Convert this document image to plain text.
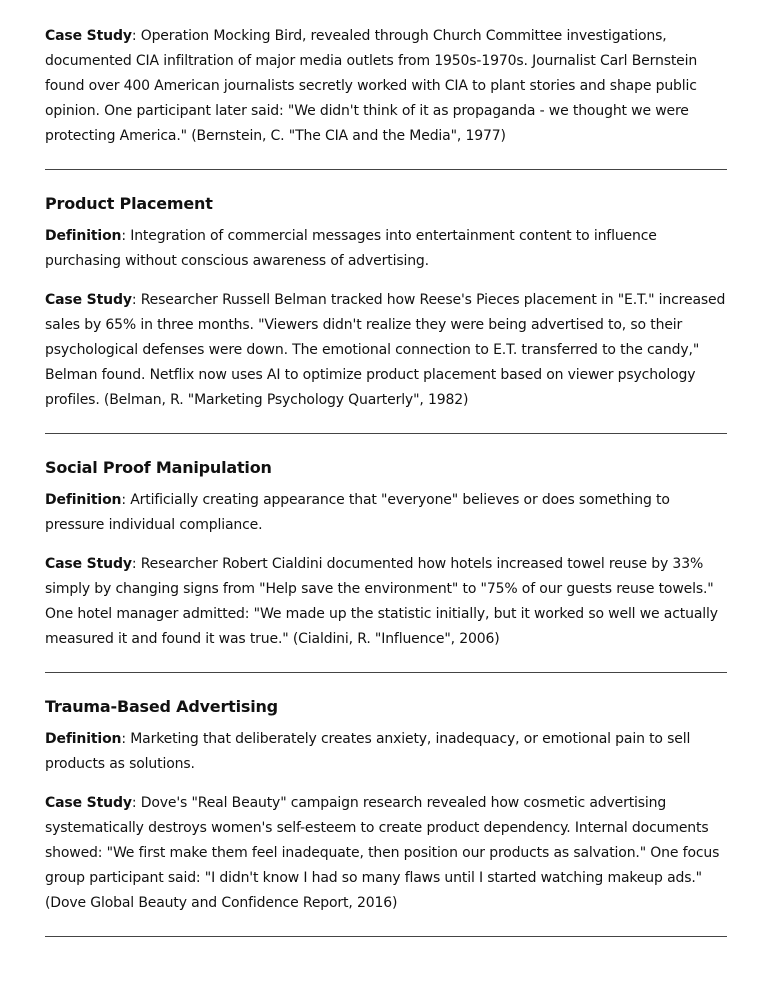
Case Study: Operation Mocking Bird, revealed through Church Committee investigations, documented CIA infiltration of major media outlets from 1950s-1970s. Journalist Carl Bernstein found over 400 American journalists secretly worked with CIA to plant stories and shape public opinion. One participant later said: "We didn't think of it as propaganda - we thought we were protecting America." (Bernstein, C. "The CIA and the Media", 1977)

Product Placement

Definition: Integration of commercial messages into entertainment content to influence purchasing without conscious awareness of advertising.

Case Study: Researcher Russell Belman tracked how Reese's Pieces placement in "E.T." increased sales by 65% in three months. "Viewers didn't realize they were being advertised to, so their psychological defenses were down. The emotional connection to E.T. transferred to the candy," Belman found. Netflix now uses AI to optimize product placement based on viewer psychology profiles. (Belman, R. "Marketing Psychology Quarterly", 1982)

Social Proof Manipulation

Definition: Artificially creating appearance that "everyone" believes or does something to pressure individual compliance.

Case Study: Researcher Robert Cialdini documented how hotels increased towel reuse by 33% simply by changing signs from "Help save the environment" to "75% of our guests reuse towels." One hotel manager admitted: "We made up the statistic initially, but it worked so well we actually measured it and found it was true." (Cialdini, R. "Influence", 2006)

Trauma-Based Advertising

Definition: Marketing that deliberately creates anxiety, inadequacy, or emotional pain to sell products as solutions.

Case Study: Dove's "Real Beauty" campaign research revealed how cosmetic advertising systematically destroys women's self-esteem to create product dependency. Internal documents showed: "We first make them feel inadequate, then position our products as salvation." One focus group participant said: "I didn't know I had so many flaws until I started watching makeup ads." (Dove Global Beauty and Confidence Report, 2016)
